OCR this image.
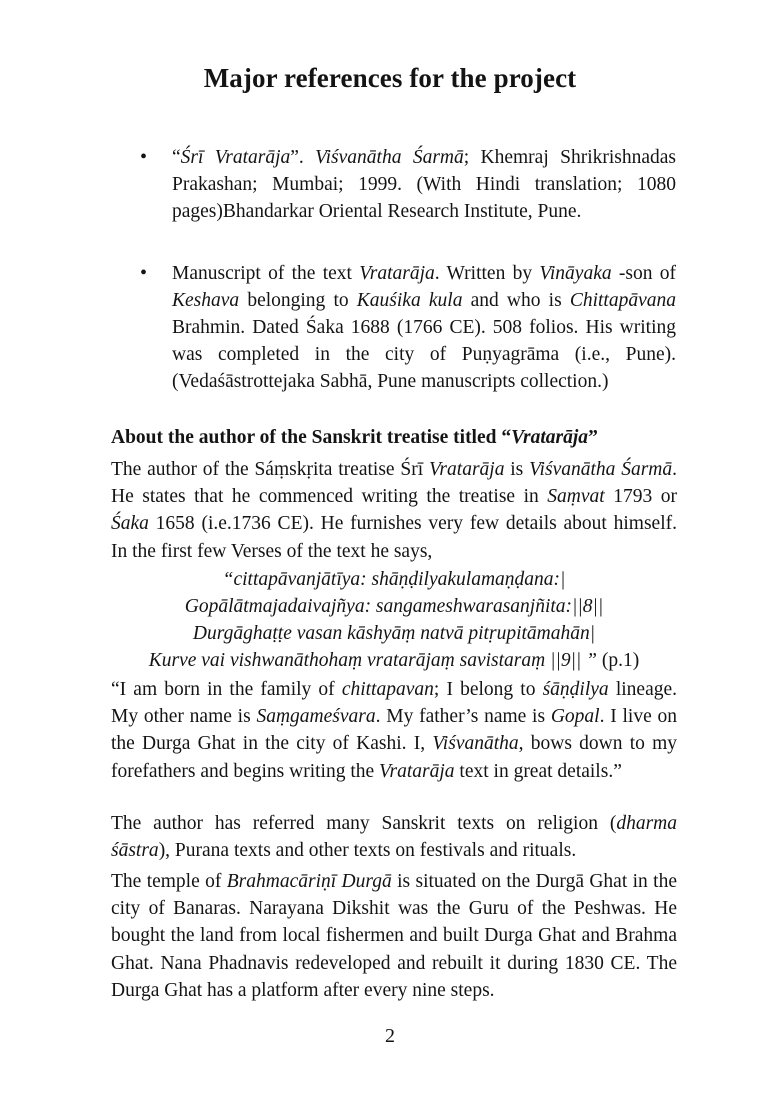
Major references for the project
• “Śrī Vratarāja”. Viśvanātha Śarmā; Khemraj Shrikrishnadas Prakashan; Mumbai; 1999. (With Hindi translation; 1080 pages)Bhandarkar Oriental Research Institute, Pune.
• Manuscript of the text Vratarāja. Written by Vināyaka -son of Keshava belonging to Kauśika kula and who is Chittapāvana Brahmin. Dated Śaka 1688 (1766 CE). 508 folios. His writing was completed in the city of Puṇyagrāma (i.e., Pune).(Vedaśāstrottejaka Sabhā, Pune manuscripts collection.)
About the author of the Sanskrit treatise titled “Vratarāja”

The author of the Sáṃskṛita treatise Śrī Vratarāja is Viśvanātha Śarmā. He states that he commenced writing the treatise in Saṃvat 1793 or Śaka 1658 (i.e.1736 CE). He furnishes very few details about himself. In the first few Verses of the text he says,

“cittapāvanjātīya: shāṇḍilyakulamaṇḍana:|
Gopālātmajadaivajñya: sangameshwarasanjñita:||8||
Durgāghaṭṭe vasan kāshyāṃ natvā pitṛupitāmahān|
Kurve vai vishwanāthohaṃ vratarājaṃ savistaraṃ ||9|| ” (p.1)

“I am born in the family of chittapavan; I belong to śāṇḍilya lineage. My other name is Saṃgameśvara. My father’s name is Gopal. I live on the Durga Ghat in the city of Kashi. I, Viśvanātha, bows down to my forefathers and begins writing the Vratarāja text in great details.”

The author has referred many Sanskrit texts on religion (dharma śāstra), Purana texts and other texts on festivals and rituals.

The temple of Brahmacāriṇī Durgā is situated on the Durgā Ghat in the city of Banaras. Narayana Dikshit was the Guru of the Peshwas. He bought the land from local fishermen and built Durga Ghat and Brahma Ghat. Nana Phadnavis redeveloped and rebuilt it during 1830 CE. The Durga Ghat has a platform after every nine steps.

2
